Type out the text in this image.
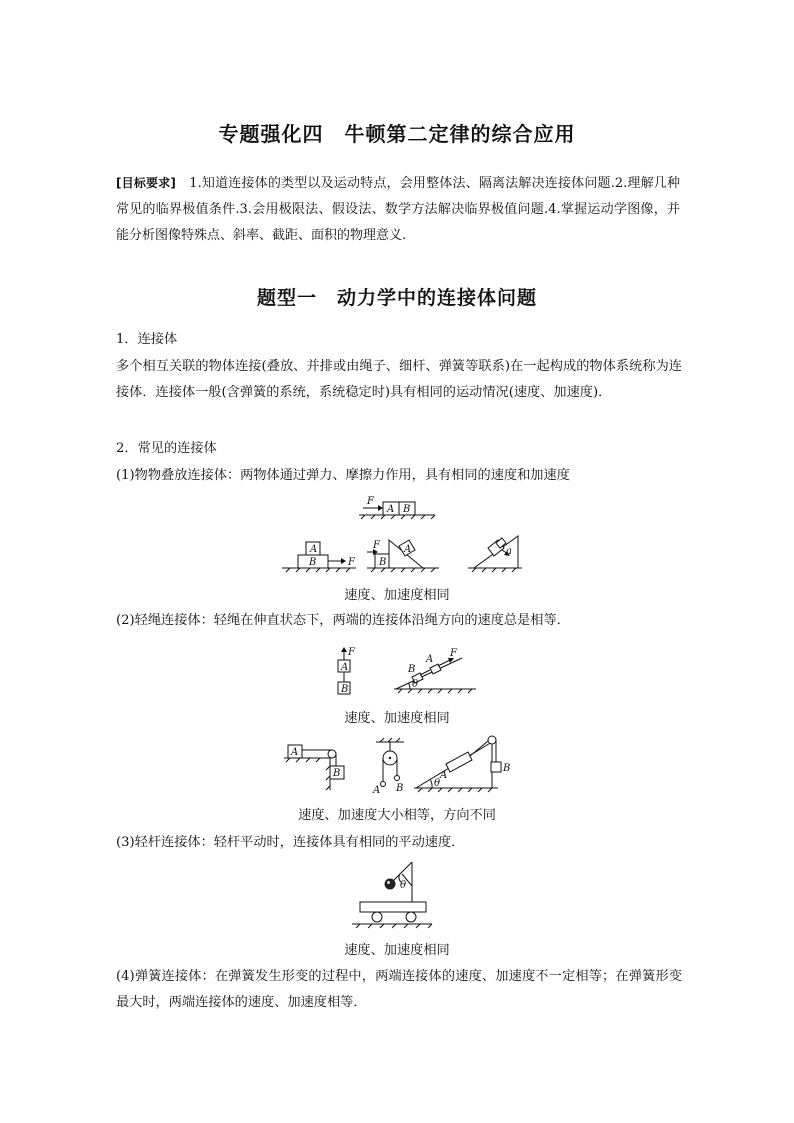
专题强化四　牛顿第二定律的综合应用
[目标要求]　1.知道连接体的类型以及运动特点，会用整体法、隔离法解决连接体问题.2.理解几种常见的临界极值条件.3.会用极限法、假设法、数学方法解决临界极值问题.4.掌握运动学图像，并能分析图像特殊点、斜率、截距、面积的物理意义.
题型一　动力学中的连接体问题
1．连接体
多个相互关联的物体连接(叠放、并排或由绳子、细杆、弹簧等联系)在一起构成的物体系统称为连接体．连接体一般(含弹簧的系统，系统稳定时)具有相同的运动情况(速度、加速度)．
2．常见的连接体
(1)物物叠放连接体：两物体通过弹力、摩擦力作用，具有相同的速度和加速度
F
A B
A
B	F
F
B
A	a
速度、加速度相同
(2)轻绳连接体：轻绳在伸直状态下，两端的连接体沿绳方向的速度总是相等．
A
B
F
B
A
F
θ
速度、加速度相同
A
B
A B
A
B
θ
速度、加速度大小相等，方向不同
(3)轻杆连接体：轻杆平动时，连接体具有相同的平动速度．
θ
速度、加速度相同
(4)弹簧连接体：在弹簧发生形变的过程中，两端连接体的速度、加速度不一定相等；在弹簧形变最大时，两端连接体的速度、加速度相等．
